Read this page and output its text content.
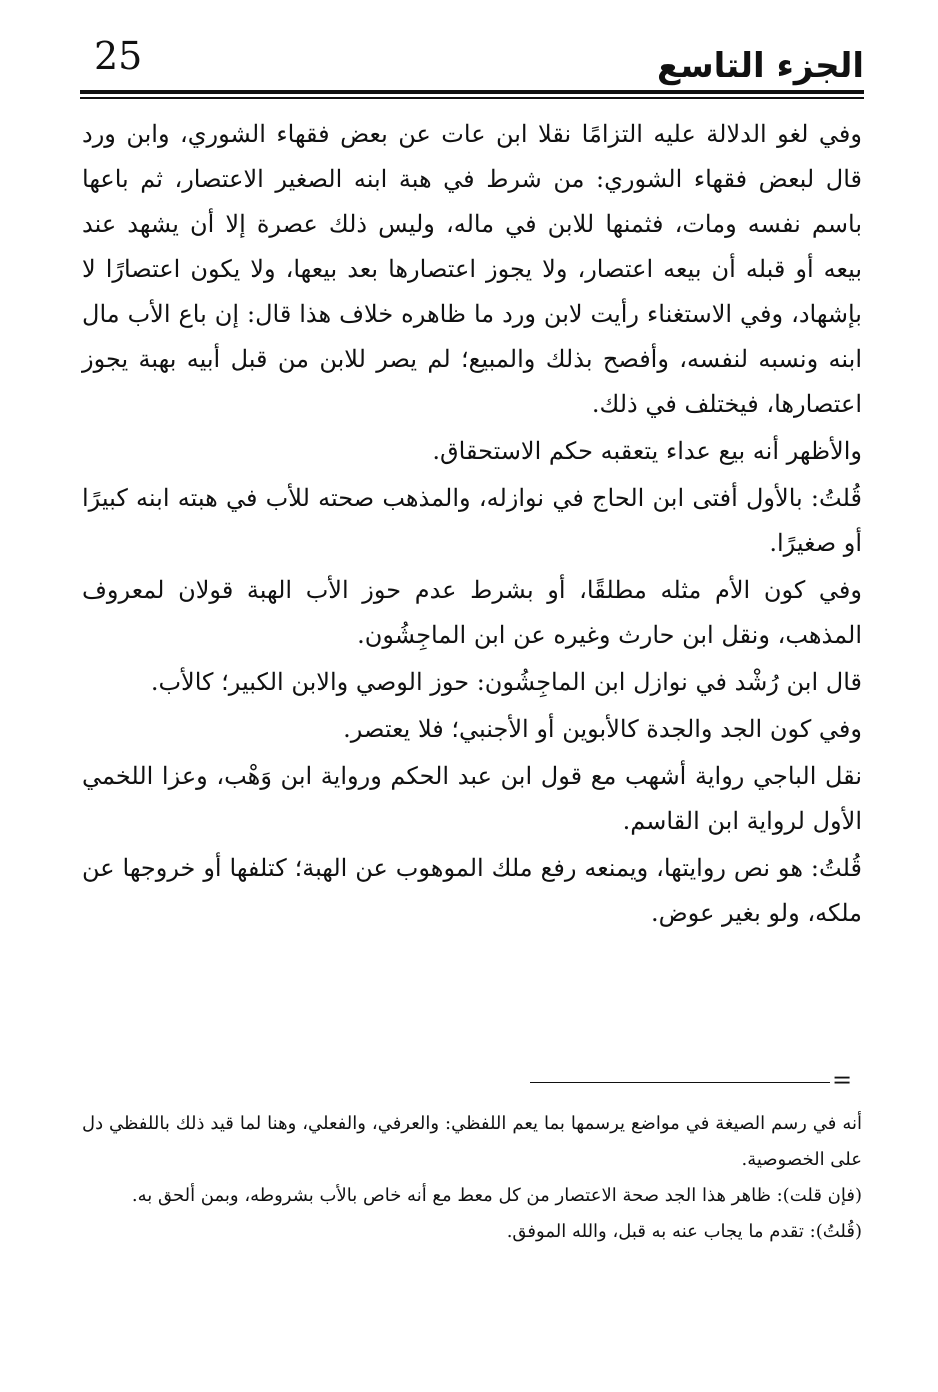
25	الجزء التاسع

وفي لغو الدلالة عليه التزامًا نقلا ابن عات عن بعض فقهاء الشوري، وابن ورد قال لبعض فقهاء الشوري: من شرط في هبة ابنه الصغير الاعتصار، ثم باعها باسم نفسه ومات، فثمنها للابن في ماله، وليس ذلك عصرة إلا أن يشهد عند بيعه أو قبله أن بيعه اعتصار، ولا يجوز اعتصارها بعد بيعها، ولا يكون اعتصارًا لا بإشهاد، وفي الاستغناء رأيت لابن ورد ما ظاهره خلاف هذا قال: إن باع الأب مال ابنه ونسبه لنفسه، وأفصح بذلك والمبيع؛ لم يصر للابن من قبل أبيه بهبة يجوز اعتصارها، فيختلف في ذلك.

والأظهر أنه بيع عداء يتعقبه حكم الاستحقاق.

قُلتُ: بالأول أفتى ابن الحاج في نوازله، والمذهب صحته للأب في هبته ابنه كبيرًا أو صغيرًا.

وفي كون الأم مثله مطلقًا، أو بشرط عدم حوز الأب الهبة قولان لمعروف المذهب، ونقل ابن حارث وغيره عن ابن الماجِشُون.

قال ابن رُشْد في نوازل ابن الماجِشُون: حوز الوصي والابن الكبير؛ كالأب.

وفي كون الجد والجدة كالأبوين أو الأجنبي؛ فلا يعتصر.

نقل الباجي رواية أشهب مع قول ابن عبد الحكم ورواية ابن وَهْب، وعزا اللخمي الأول لرواية ابن القاسم.

قُلتُ: هو نص روايتها، ويمنعه رفع ملك الموهوب عن الهبة؛ كتلفها أو خروجها عن ملكه، ولو بغير عوض.

=

أنه في رسم الصيغة في مواضع يرسمها بما يعم اللفظي: والعرفي، والفعلي، وهنا لما قيد ذلك باللفظي دل على الخصوصية.

(فإن قلت): ظاهر هذا الجد صحة الاعتصار من كل معط مع أنه خاص بالأب بشروطه، وبمن ألحق به.

(قُلتُ): تقدم ما يجاب عنه به قبل، والله الموفق.
